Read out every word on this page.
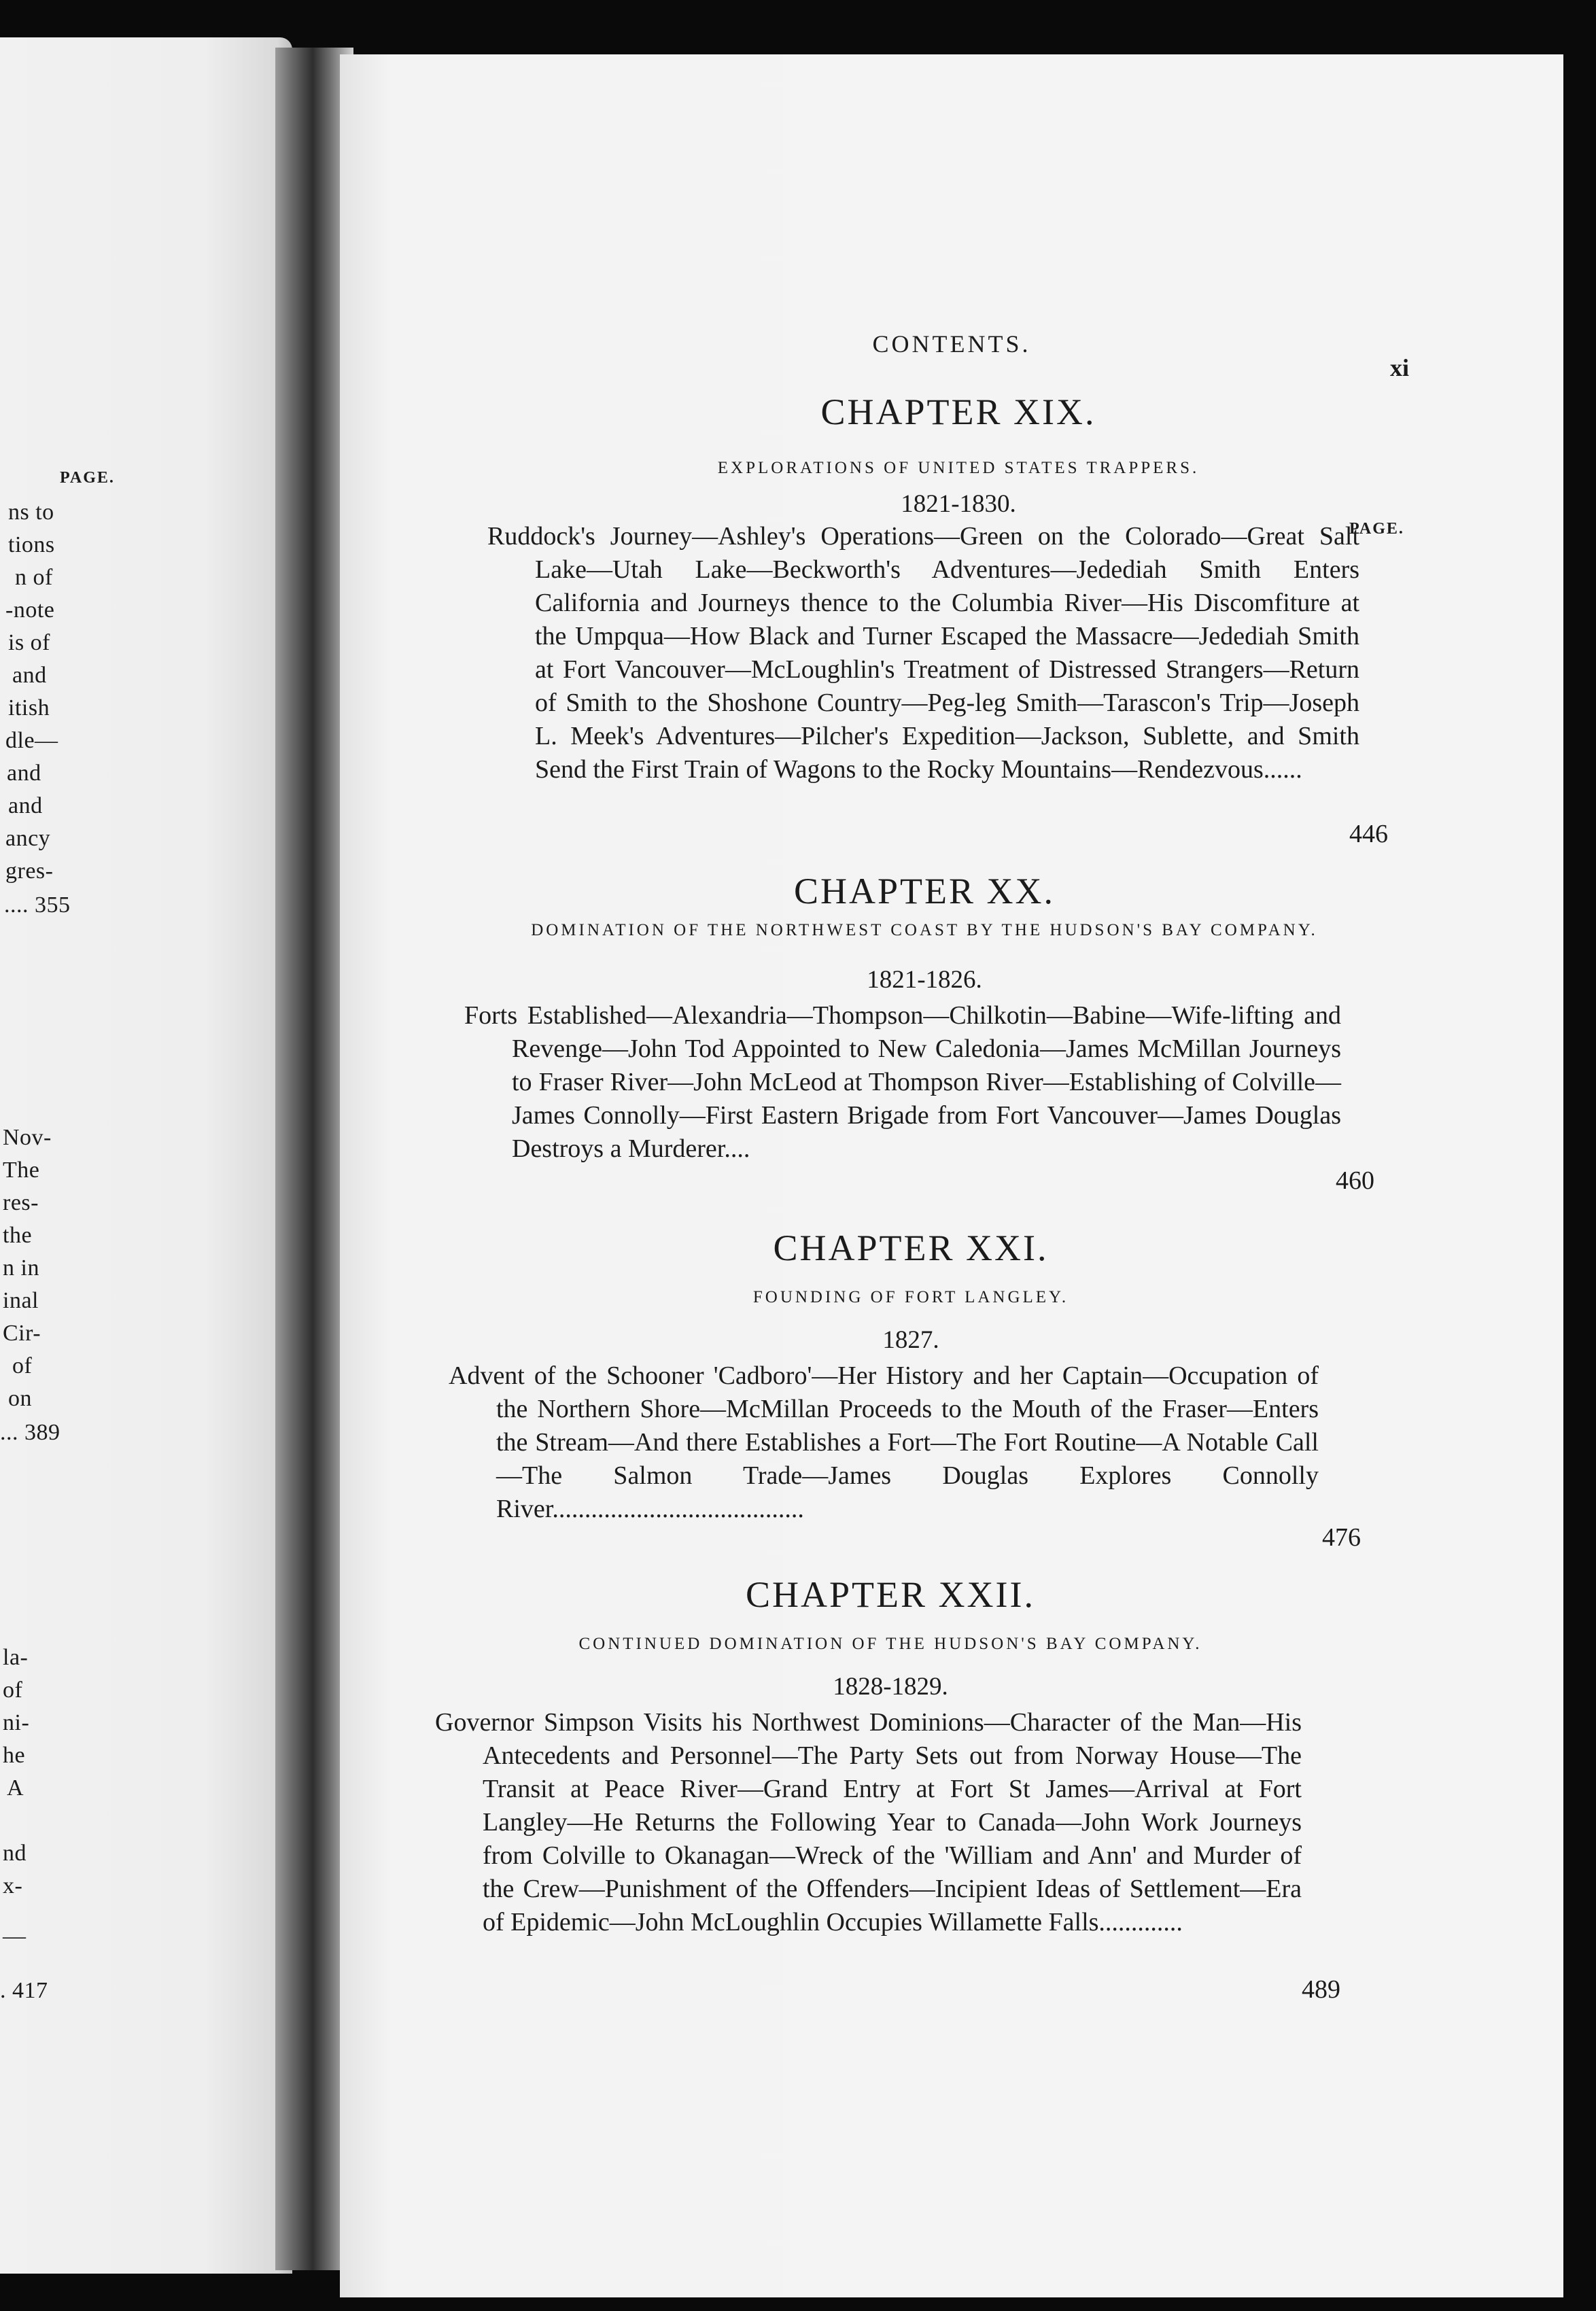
PAGE.
ns to
tions
n of
-note
is of
and
itish
dle—
and
and
ancy
gres-
.... 355
Nov-
The
res-
the
n in
inal
Cir-
of
on
... 389
la-
of
ni-
he
A
nd
x-
—
. 417
CONTENTS.
xi
CHAPTER XIX.
EXPLORATIONS OF UNITED STATES TRAPPERS.
1821-1830.
PAGE.
Ruddock's Journey—Ashley's Operations—Green on the Colorado—Great Salt Lake—Utah Lake—Beckworth's Adventures—Jedediah Smith Enters California and Journeys thence to the Columbia River—His Discomfiture at the Umpqua—How Black and Turner Escaped the Massacre—Jedediah Smith at Fort Vancouver—McLoughlin's Treatment of Distressed Strangers—Return of Smith to the Shoshone Country—Peg-leg Smith—Tarascon's Trip—Joseph L. Meek's Adventures—Pilcher's Expedition—Jackson, Sublette, and Smith Send the First Train of Wagons to the Rocky Mountains—Rendezvous......
446
CHAPTER XX.
DOMINATION OF THE NORTHWEST COAST BY THE HUDSON'S BAY COMPANY.
1821-1826.
Forts Established—Alexandria—Thompson—Chilkotin—Babine—Wife-lifting and Revenge—John Tod Appointed to New Caledonia—James McMillan Journeys to Fraser River—John McLeod at Thompson River—Establishing of Colville—James Connolly—First Eastern Brigade from Fort Vancouver—James Douglas Destroys a Murderer....
460
CHAPTER XXI.
FOUNDING OF FORT LANGLEY.
1827.
Advent of the Schooner 'Cadboro'—Her History and her Captain—Occupation of the Northern Shore—McMillan Proceeds to the Mouth of the Fraser—Enters the Stream—And there Establishes a Fort—The Fort Routine—A Notable Call—The Salmon Trade—James Douglas Explores Connolly River.......................................
476
CHAPTER XXII.
CONTINUED DOMINATION OF THE HUDSON'S BAY COMPANY.
1828-1829.
Governor Simpson Visits his Northwest Dominions—Character of the Man—His Antecedents and Personnel—The Party Sets out from Norway House—The Transit at Peace River—Grand Entry at Fort St James—Arrival at Fort Langley—He Returns the Following Year to Canada—John Work Journeys from Colville to Okanagan—Wreck of the 'William and Ann' and Murder of the Crew—Punishment of the Offenders—Incipient Ideas of Settlement—Era of Epidemic—John McLoughlin Occupies Willamette Falls.............
489
